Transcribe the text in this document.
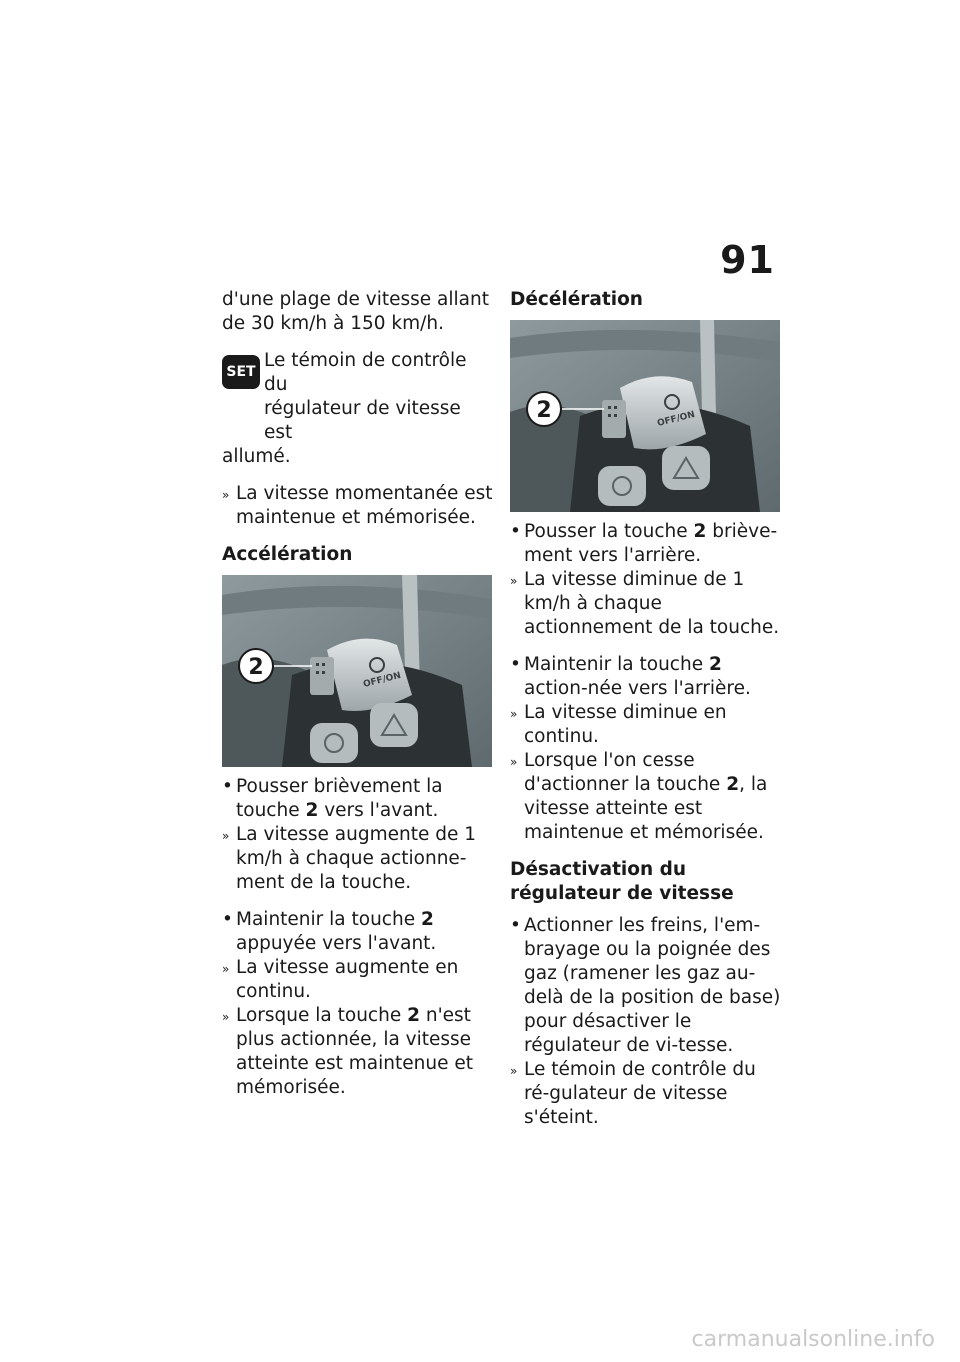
91

d'une plage de vitesse allant de 30 km/h à 150 km/h.

SET
Le témoin de contrôle du
régulateur de vitesse est

allumé.

» La vitesse momentanée est maintenue et mémorisée.

Accélération

OFF/ON
2
• Pousser brièvement la touche 2 vers l'avant.
» La vitesse augmente de 1 km/h à chaque actionne-ment de la touche.
• Maintenir la touche 2 appuyée vers l'avant.
» La vitesse augmente en continu.
» Lorsque la touche 2 n'est plus actionnée, la vitesse atteinte est maintenue et mémorisée.

Décélération

OFF/ON
2
• Pousser la touche 2 briève-ment vers l'arrière.
» La vitesse diminue de 1 km/h à chaque actionnement de la touche.
• Maintenir la touche 2 action-née vers l'arrière.
» La vitesse diminue en continu.
» Lorsque l'on cesse d'actionner la touche 2, la vitesse atteinte est maintenue et mémorisée.

Désactivation du régulateur de vitesse

• Actionner les freins, l'em-brayage ou la poignée des gaz (ramener les gaz au-delà de la position de base) pour désactiver le régulateur de vi-tesse.
» Le témoin de contrôle du ré-gulateur de vitesse s'éteint.
carmanualsonline.info
